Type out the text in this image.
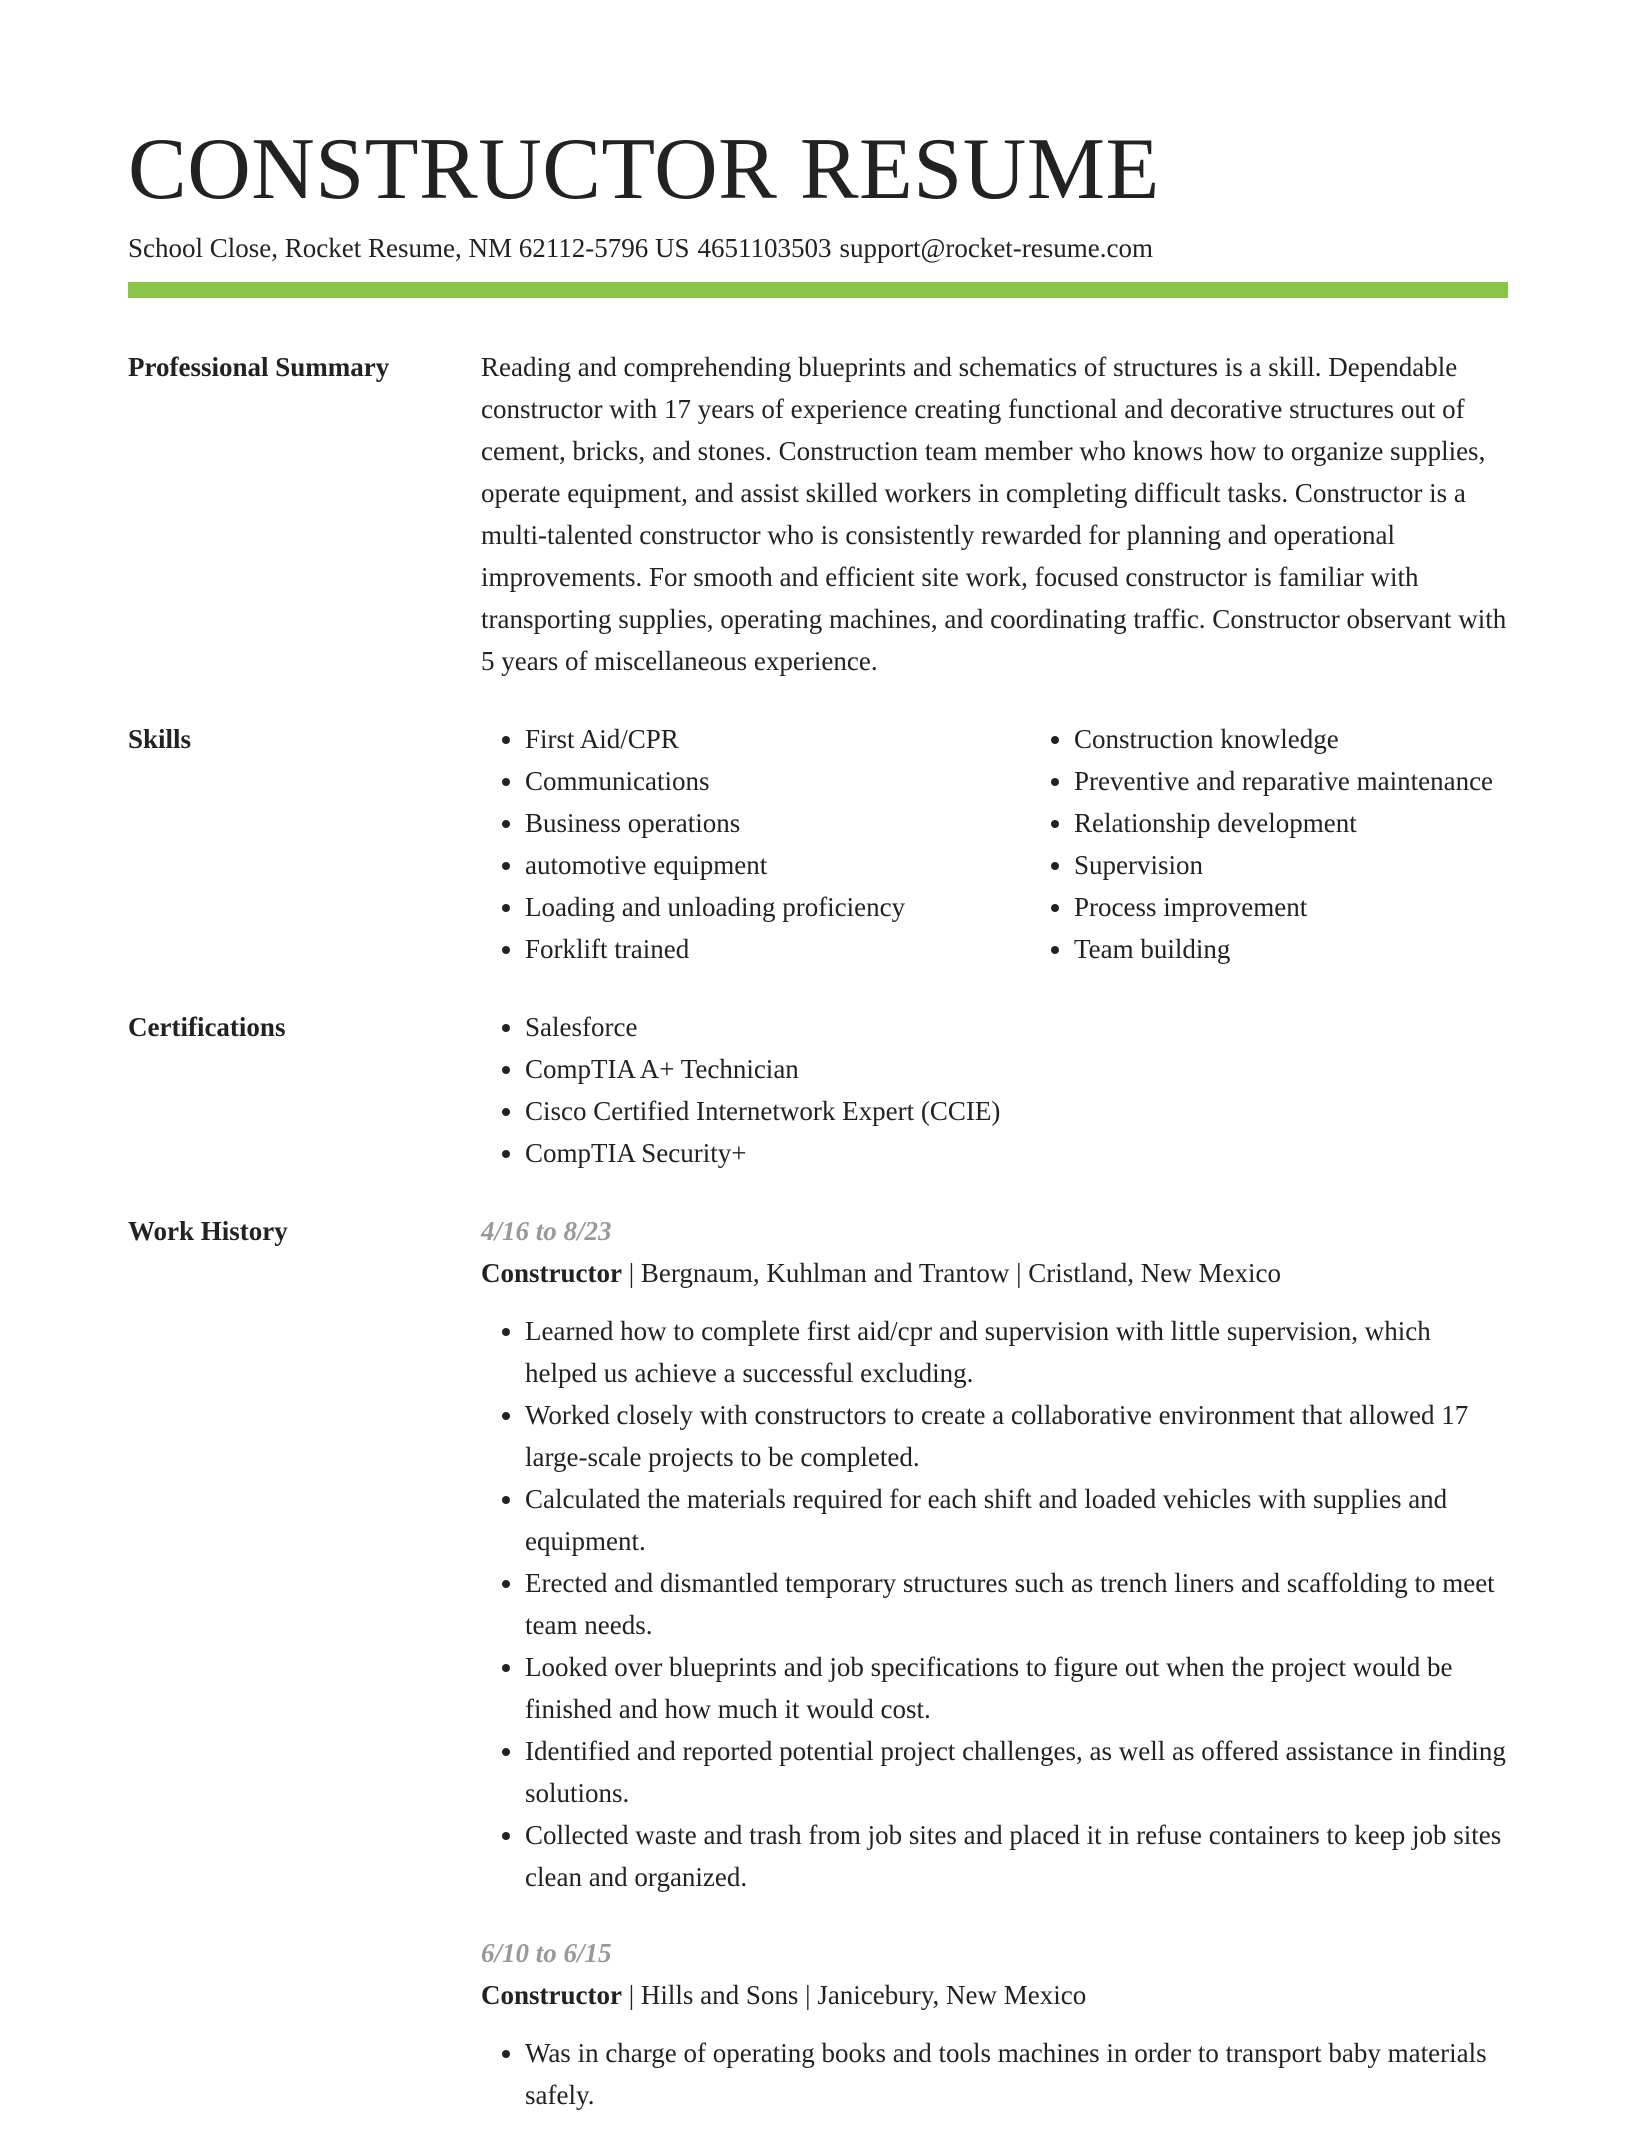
CONSTRUCTOR RESUME
School Close, Rocket Resume, NM 62112-5796 US 4651103503 support@rocket-resume.com
Professional Summary	Reading and comprehending blueprints and schematics of structures is a skill. Dependable constructor with 17 years of experience creating functional and decorative structures out of cement, bricks, and stones. Construction team member who knows how to organize supplies, operate equipment, and assist skilled workers in completing difficult tasks. Constructor is a multi-talented constructor who is consistently rewarded for planning and operational improvements. For smooth and efficient site work, focused constructor is familiar with transporting supplies, operating machines, and coordinating traffic. Constructor observant with 5 years of miscellaneous experience.
Skills	• First Aid/CPR
• Communications
• Business operations
• automotive equipment
• Loading and unloading proficiency
• Forklift trained
• Construction knowledge
• Preventive and reparative maintenance
• Relationship development
• Supervision
• Process improvement
• Team building
Certifications	• Salesforce
• CompTIA A+ Technician
• Cisco Certified Internetwork Expert (CCIE)
• CompTIA Security+
Work History	4/16 to 8/23
Constructor | Bergnaum, Kuhlman and Trantow | Cristland, New Mexico
• Learned how to complete first aid/cpr and supervision with little supervision, which helped us achieve a successful excluding.
• Worked closely with constructors to create a collaborative environment that allowed 17 large-scale projects to be completed.
• Calculated the materials required for each shift and loaded vehicles with supplies and equipment.
• Erected and dismantled temporary structures such as trench liners and scaffolding to meet team needs.
• Looked over blueprints and job specifications to figure out when the project would be finished and how much it would cost.
• Identified and reported potential project challenges, as well as offered assistance in finding solutions.
• Collected waste and trash from job sites and placed it in refuse containers to keep job sites clean and organized.
6/10 to 6/15
Constructor | Hills and Sons | Janicebury, New Mexico
• Was in charge of operating books and tools machines in order to transport baby materials safely.
